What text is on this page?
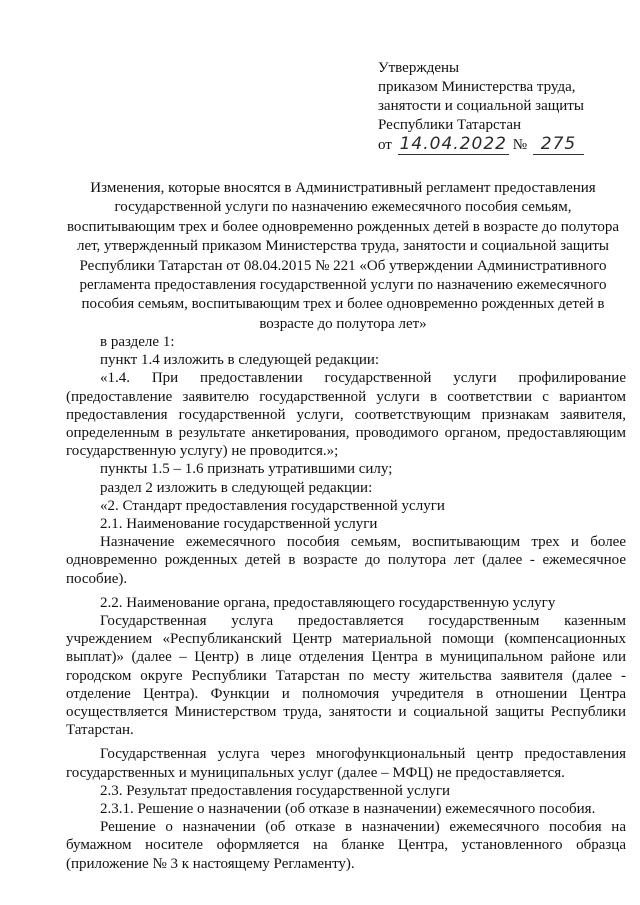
Утверждены
приказом Министерства труда,
занятости и социальной защиты
Республики Татарстан
от 14.04.2022 № 275
Изменения, которые вносятся в Административный регламент предоставления государственной услуги по назначению ежемесячного пособия семьям, воспитывающим трех и более одновременно рожденных детей в возрасте до полутора лет, утвержденный приказом Министерства труда, занятости и социальной защиты Республики Татарстан от 08.04.2015 № 221 «Об утверждении Административного регламента предоставления государственной услуги по назначению ежемесячного пособия семьям, воспитывающим трех и более одновременно рожденных детей в возрасте до полутора лет»

в разделе 1:

пункт 1.4 изложить в следующей редакции:

«1.4. При предоставлении государственной услуги профилирование (предоставление заявителю государственной услуги в соответствии с вариантом предоставления государственной услуги, соответствующим признакам заявителя, определенным в результате анкетирования, проводимого органом, предоставляющим государственную услугу) не проводится.»;

пункты 1.5 – 1.6 признать утратившими силу;

раздел 2 изложить в следующей редакции:

«2. Стандарт предоставления государственной услуги

2.1. Наименование государственной услуги

Назначение ежемесячного пособия семьям, воспитывающим трех и более одновременно рожденных детей в возрасте до полутора лет (далее - ежемесячное пособие).

2.2. Наименование органа, предоставляющего государственную услугу

Государственная услуга предоставляется государственным казенным учреждением «Республиканский Центр материальной помощи (компенсационных выплат)» (далее – Центр) в лице отделения Центра в муниципальном районе или городском округе Республики Татарстан по месту жительства заявителя (далее - отделение Центра). Функции и полномочия учредителя в отношении Центра осуществляется Министерством труда, занятости и социальной защиты Республики Татарстан.

Государственная услуга через многофункциональный центр предоставления государственных и муниципальных услуг (далее – МФЦ) не предоставляется.

2.3. Результат предоставления государственной услуги

2.3.1. Решение о назначении (об отказе в назначении) ежемесячного пособия.

Решение о назначении (об отказе в назначении) ежемесячного пособия на бумажном носителе оформляется на бланке Центра, установленного образца (приложение № 3 к настоящему Регламенту).
